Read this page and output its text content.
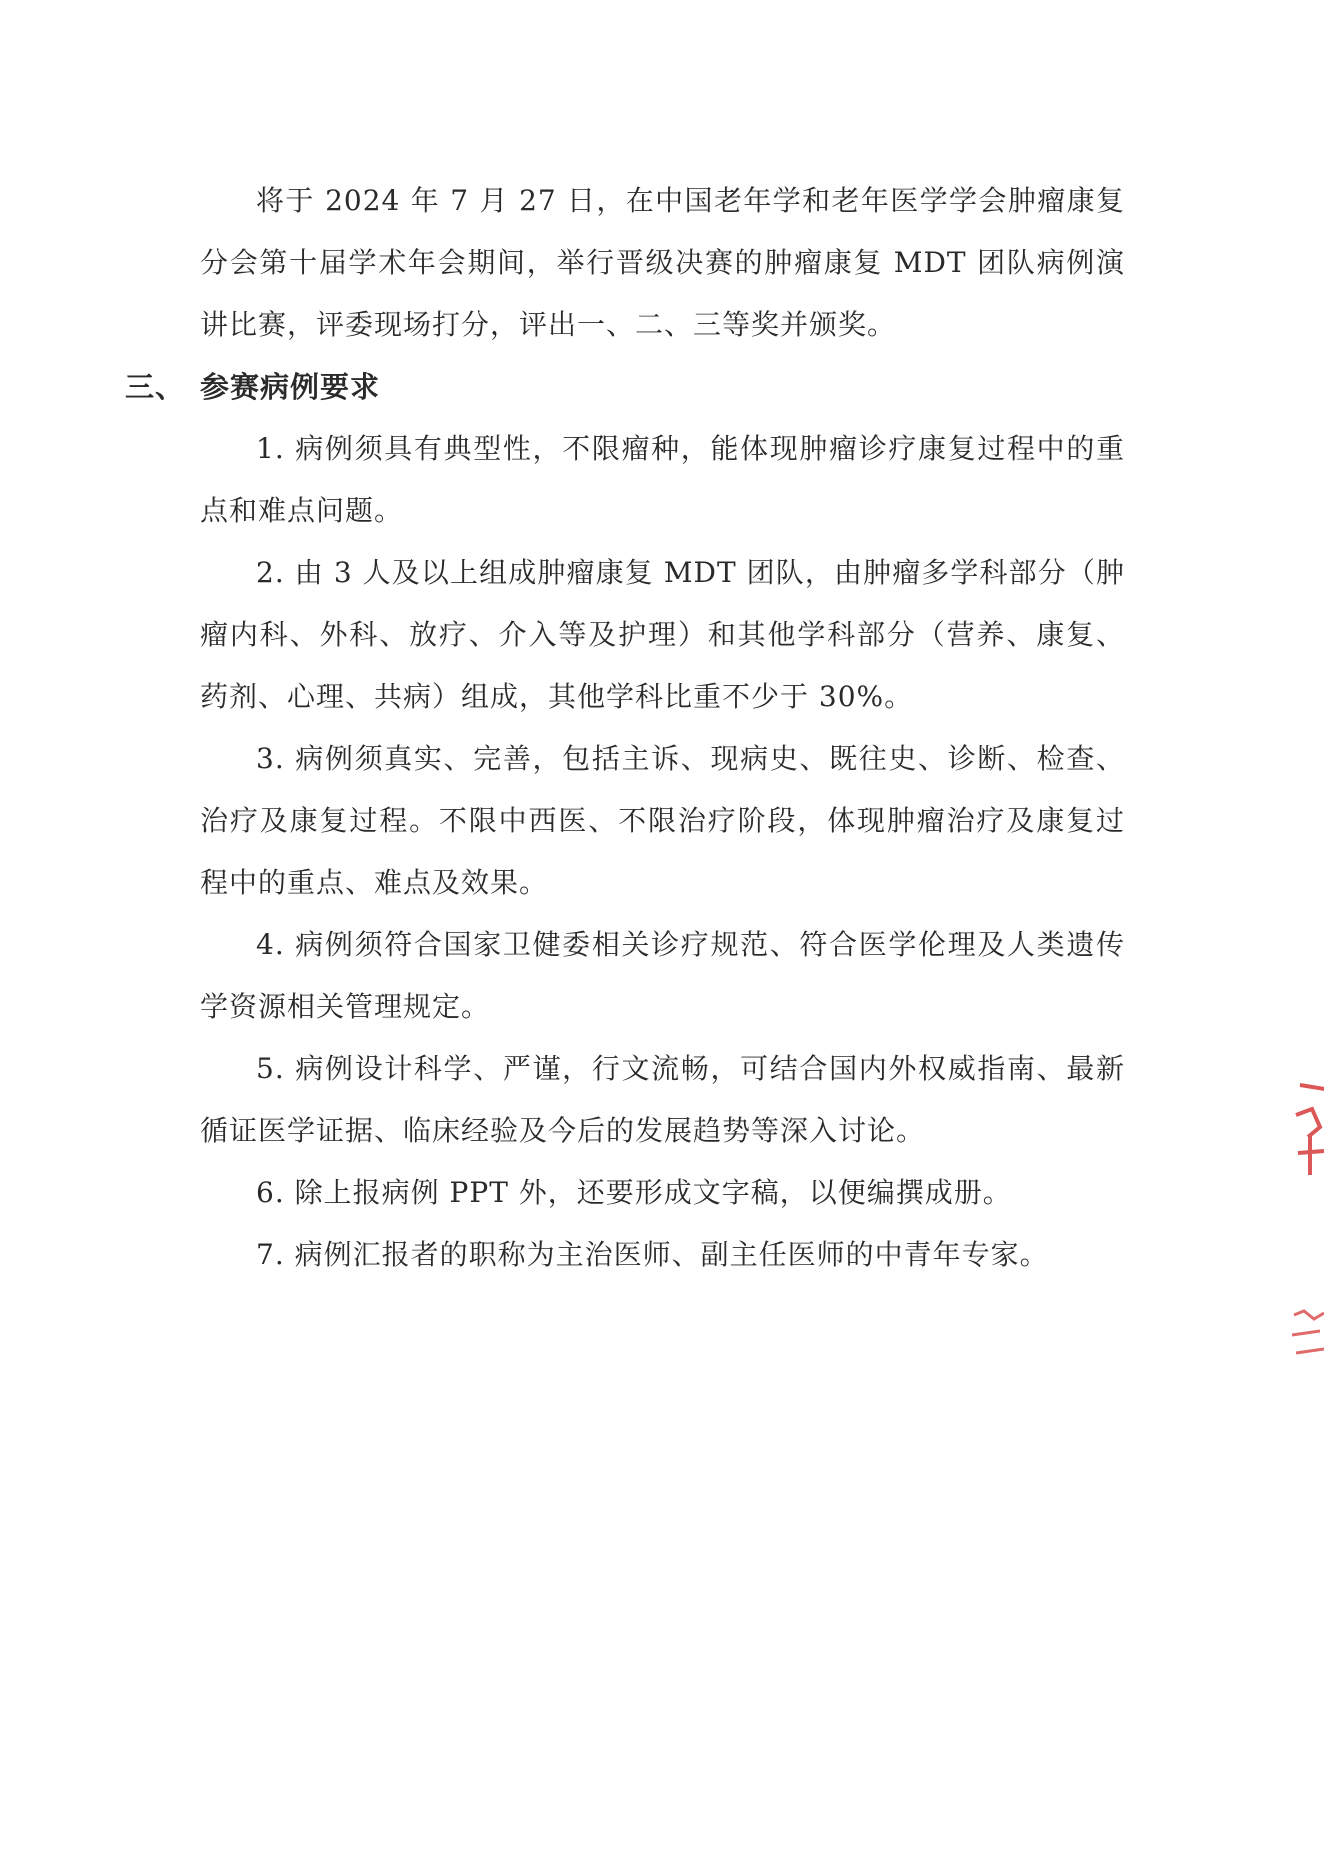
将于 2024 年 7 月 27 日，在中国老年学和老年医学学会肿瘤康复分会第十届学术年会期间，举行晋级决赛的肿瘤康复 MDT 团队病例演讲比赛，评委现场打分，评出一、二、三等奖并颁奖。

三、 参赛病例要求

1. 病例须具有典型性，不限瘤种，能体现肿瘤诊疗康复过程中的重点和难点问题。

2. 由 3 人及以上组成肿瘤康复 MDT 团队，由肿瘤多学科部分（肿瘤内科、外科、放疗、介入等及护理）和其他学科部分（营养、康复、药剂、心理、共病）组成，其他学科比重不少于 30%。

3. 病例须真实、完善，包括主诉、现病史、既往史、诊断、检查、治疗及康复过程。不限中西医、不限治疗阶段，体现肿瘤治疗及康复过程中的重点、难点及效果。

4. 病例须符合国家卫健委相关诊疗规范、符合医学伦理及人类遗传学资源相关管理规定。

5. 病例设计科学、严谨，行文流畅，可结合国内外权威指南、最新循证医学证据、临床经验及今后的发展趋势等深入讨论。

6. 除上报病例 PPT 外，还要形成文字稿，以便编撰成册。

7. 病例汇报者的职称为主治医师、副主任医师的中青年专家。
